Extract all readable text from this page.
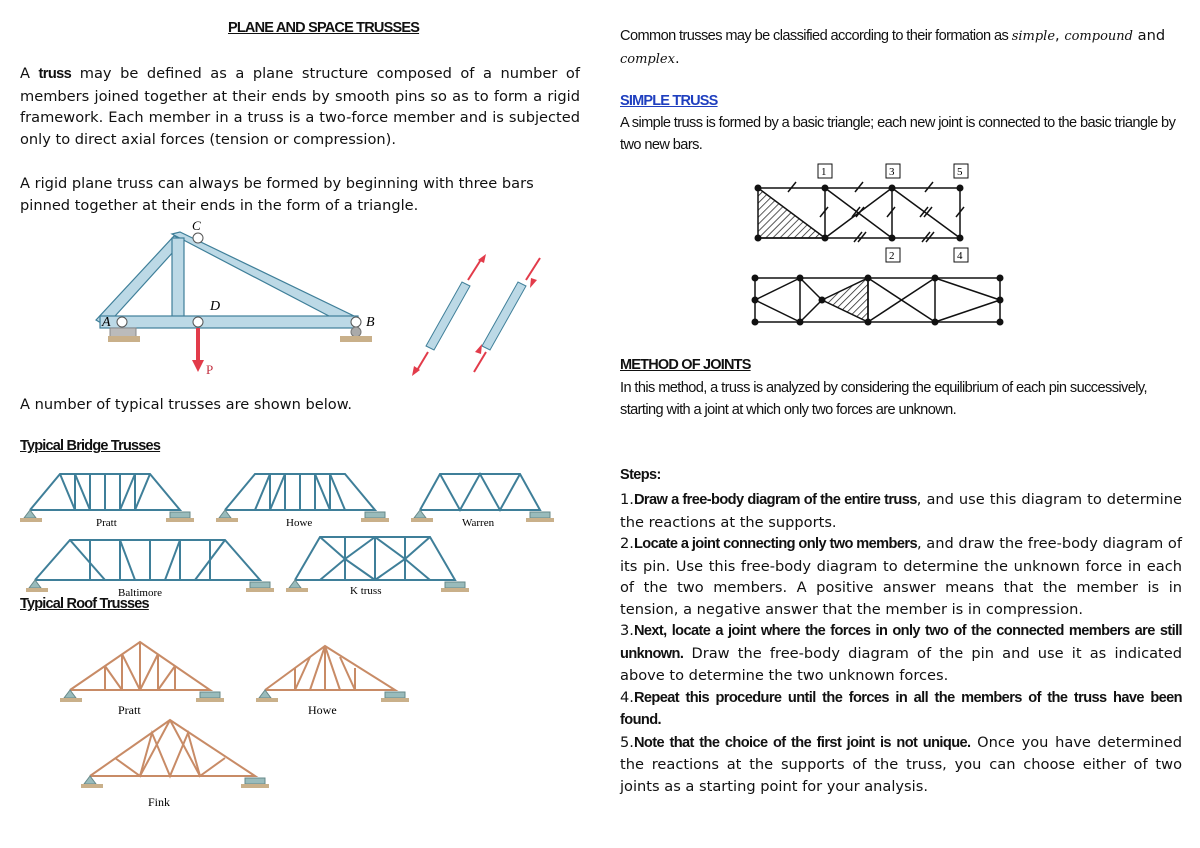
PLANE AND SPACE TRUSSES

A truss may be defined as a plane structure composed of a number of members joined together at their ends by smooth pins so as to form a rigid framework. Each member in a truss is a two-force member and is subjected only to direct axial forces (tension or compression).

A rigid plane truss can always be formed by beginning with three bars pinned together at their ends in the form of a triangle.

C
D
A	B
P

A number of typical trusses are shown below.

Typical Bridge Trusses
Pratt	Howe	Warren
Baltimore	K truss
Typical Roof Trusses
Pratt	Howe
Fink

Common trusses may be classified according to their formation as simple, compound and complex.

SIMPLE TRUSS

A simple truss is formed by a basic triangle; each new joint is connected to the basic triangle by two new bars.

1	3	5
2	4
METHOD OF JOINTS

In this method, a truss is analyzed by considering the equilibrium of each pin successively, starting with a joint at which only two forces are unknown.

Steps:

1.Draw a free-body diagram of the entire truss, and use this diagram to determine the reactions at the supports.

2.Locate a joint connecting only two members, and draw the free-body diagram of its pin. Use this free-body diagram to determine the unknown force in each of the two members. A positive answer means that the member is in tension, a negative answer that the member is in compression.

3.Next, locate a joint where the forces in only two of the connected members are still unknown. Draw the free-body diagram of the pin and use it as indicated above to determine the two unknown forces.

4.Repeat this procedure until the forces in all the members of the truss have been found.

5.Note that the choice of the first joint is not unique. Once you have determined the reactions at the supports of the truss, you can choose either of two joints as a starting point for your analysis.
